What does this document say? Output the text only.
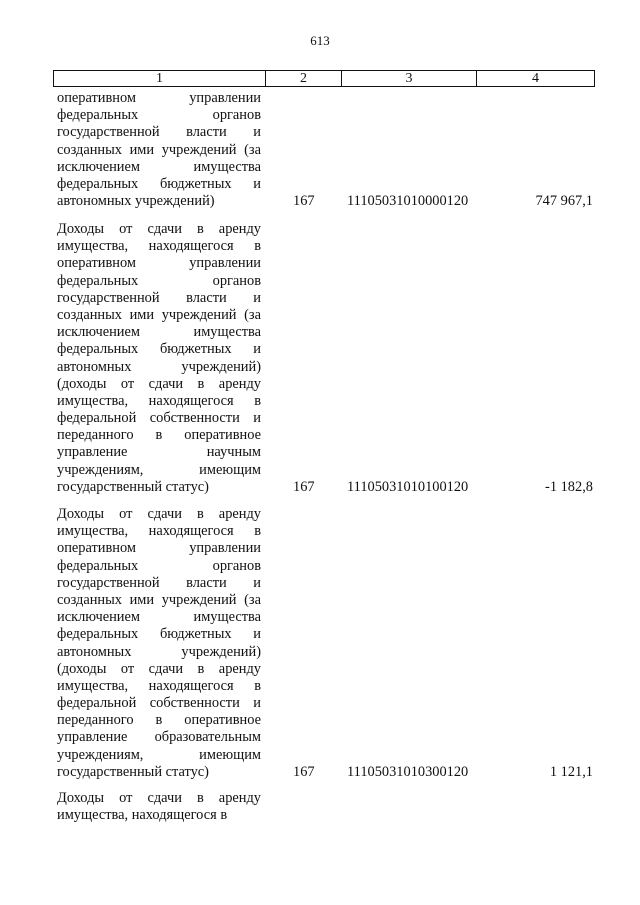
613
1	2	3	4
оперативном управлении
федеральных органов
государственной власти и
созданных ими учреждений (за
исключением имущества
федеральных бюджетных и
автономных учреждений)	167 11105031010000120	747 967,1
Доходы от сдачи в аренду
имущества, находящегося в
оперативном управлении
федеральных органов
государственной власти и
созданных ими учреждений (за
исключением имущества
федеральных бюджетных и
автономных учреждений)
(доходы от сдачи в аренду
имущества, находящегося в
федеральной собственности и
переданного в оперативное
управление научным
учреждениям, имеющим
государственный статус)	167 11105031010100120	-1 182,8
Доходы от сдачи в аренду
имущества, находящегося в
оперативном управлении
федеральных органов
государственной власти и
созданных ими учреждений (за
исключением имущества
федеральных бюджетных и
автономных учреждений)
(доходы от сдачи в аренду
имущества, находящегося в
федеральной собственности и
переданного в оперативное
управление образовательным
учреждениям, имеющим
государственный статус)	167 11105031010300120	1 121,1
Доходы от сдачи в аренду
имущества, находящегося в
